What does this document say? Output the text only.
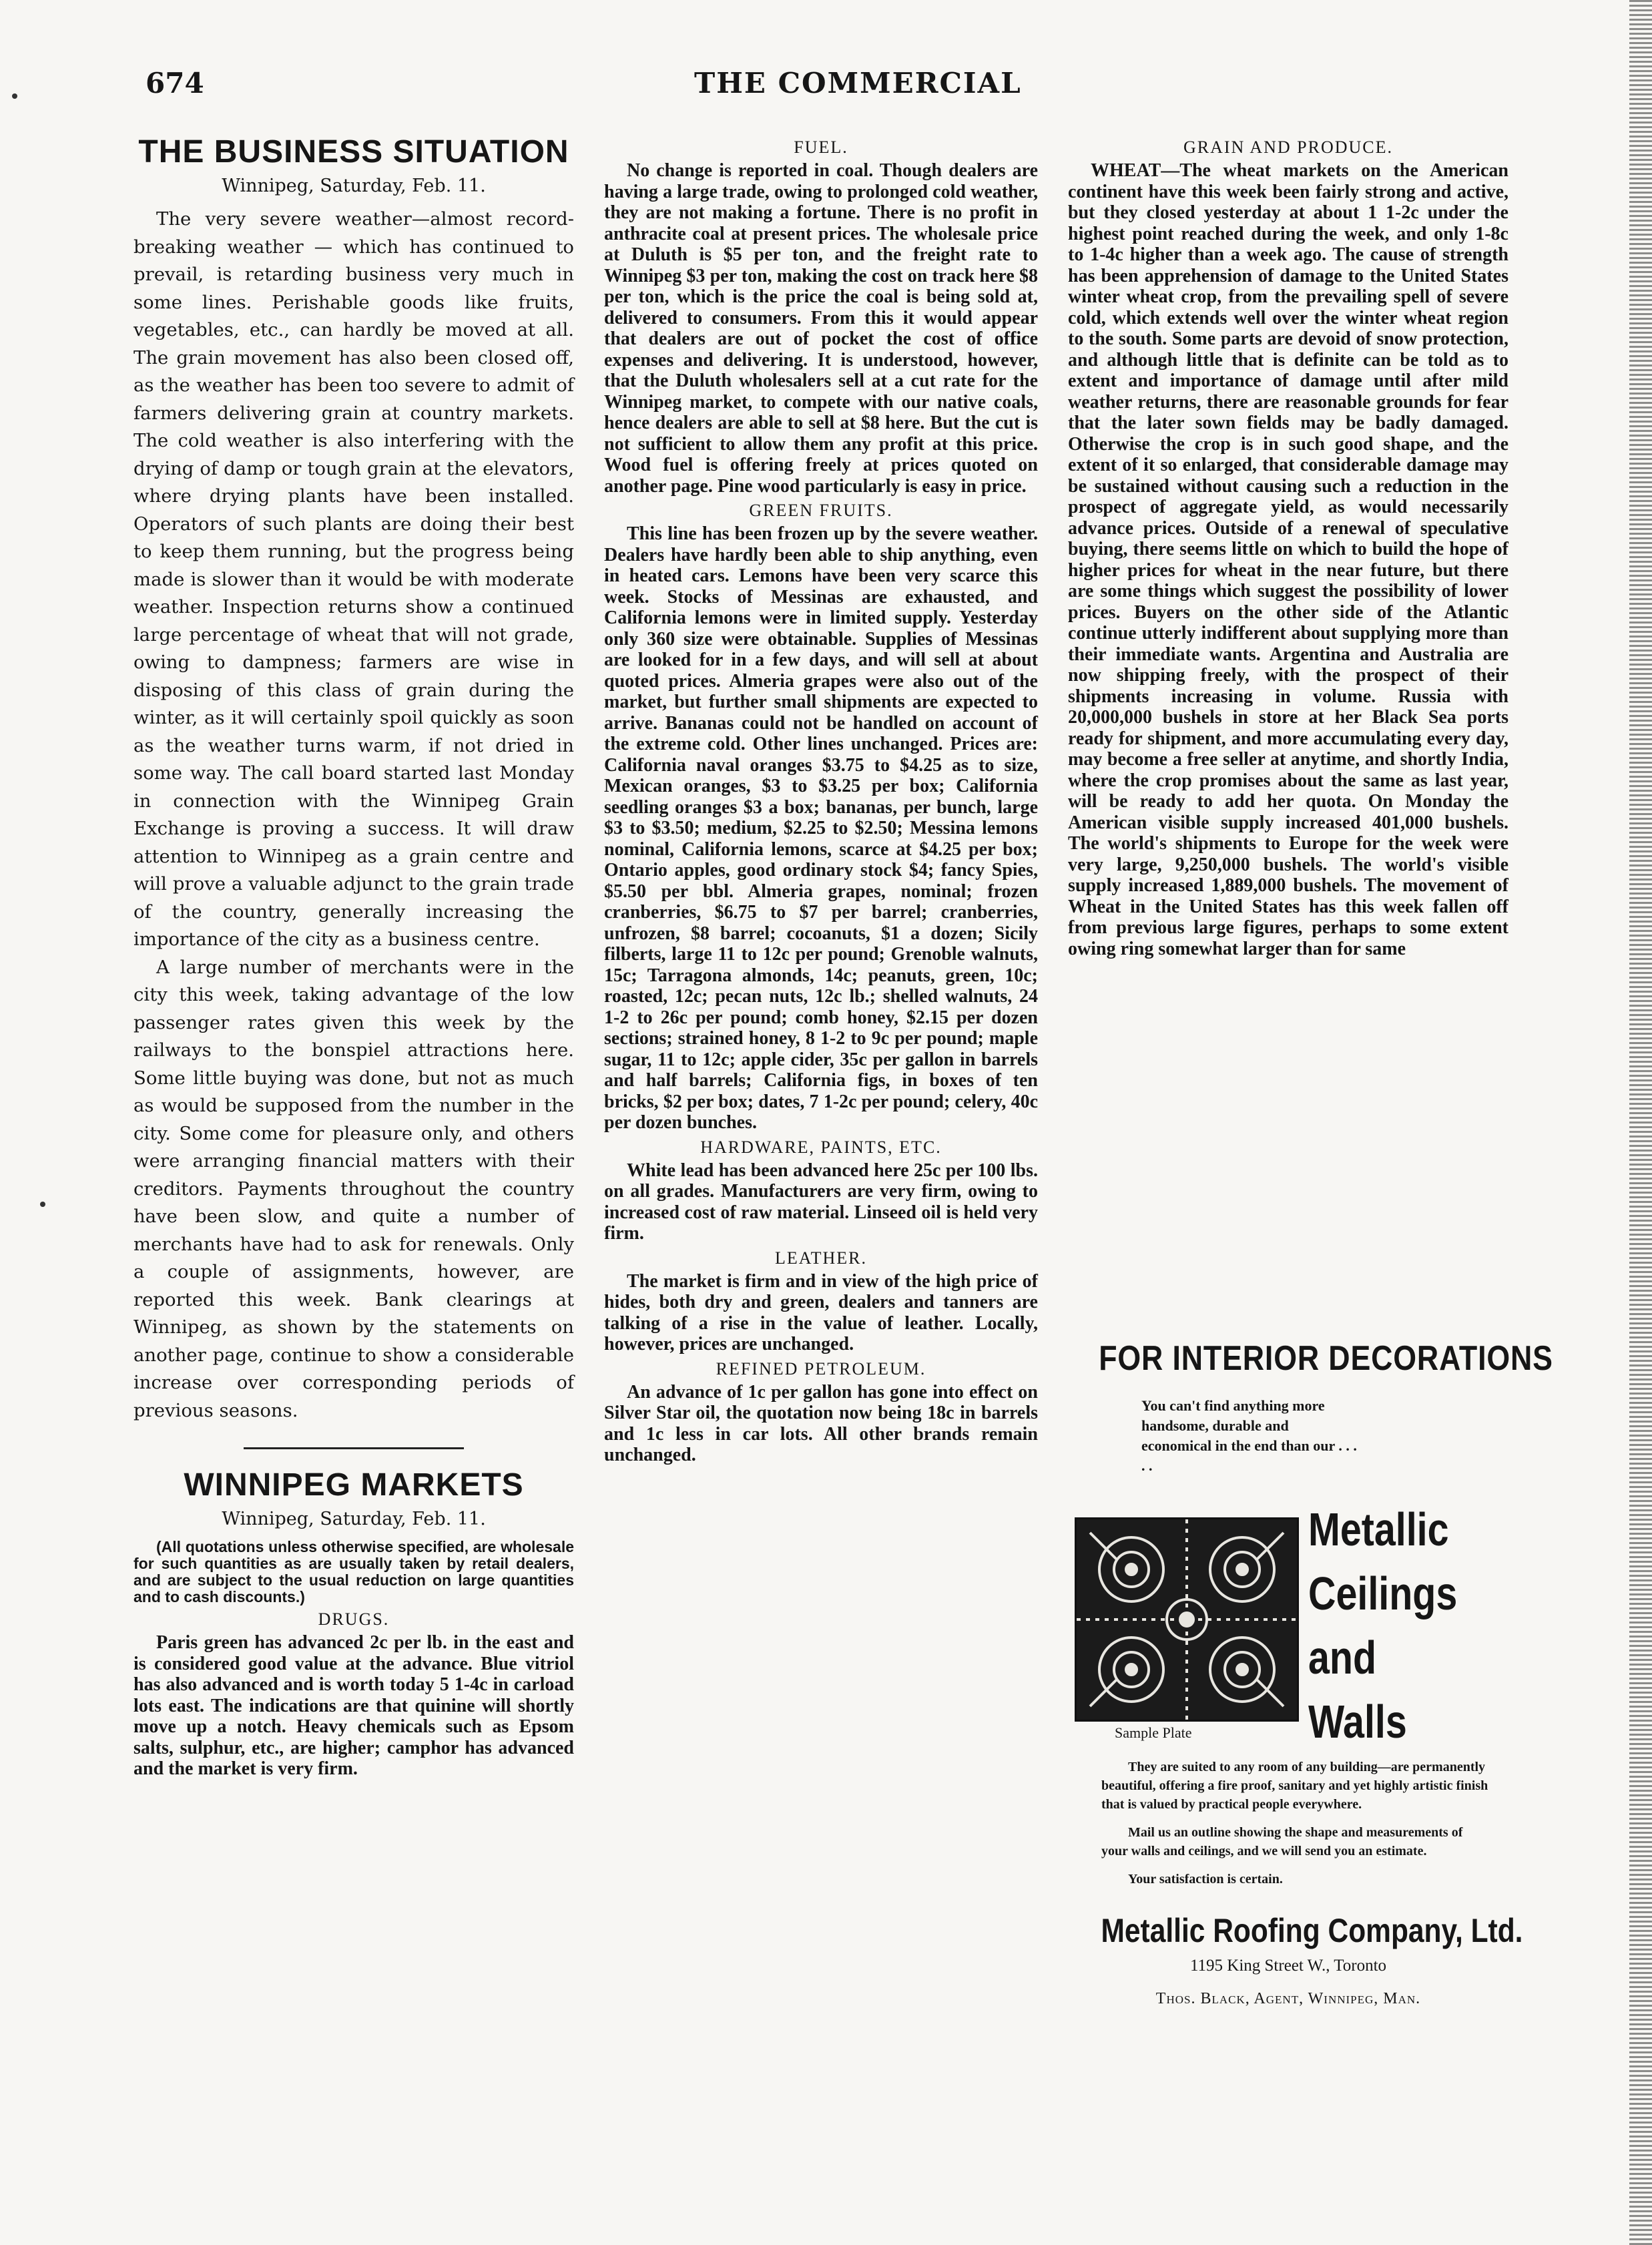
674	THE COMMERCIAL
THE BUSINESS SITUATION
Winnipeg, Saturday, Feb. 11.

The very severe weather—almost record-breaking weather — which has continued to prevail, is retarding business very much in some lines. Perishable goods like fruits, vegetables, etc., can hardly be moved at all. The grain movement has also been closed off, as the weather has been too severe to admit of farmers delivering grain at country markets. The cold weather is also interfering with the drying of damp or tough grain at the elevators, where drying plants have been installed. Operators of such plants are doing their best to keep them running, but the progress being made is slower than it would be with moderate weather. Inspection returns show a continued large percentage of wheat that will not grade, owing to dampness; farmers are wise in disposing of this class of grain during the winter, as it will certainly spoil quickly as soon as the weather turns warm, if not dried in some way. The call board started last Monday in connection with the Winnipeg Grain Exchange is proving a success. It will draw attention to Winnipeg as a grain centre and will prove a valuable adjunct to the grain trade of the country, generally increasing the importance of the city as a business centre.

A large number of merchants were in the city this week, taking advantage of the low passenger rates given this week by the railways to the bonspiel attractions here. Some little buying was done, but not as much as would be supposed from the number in the city. Some come for pleasure only, and others were arranging financial matters with their creditors. Payments throughout the country have been slow, and quite a number of merchants have had to ask for renewals. Only a couple of assignments, however, are reported this week. Bank clearings at Winnipeg, as shown by the statements on another page, continue to show a considerable increase over corresponding periods of previous seasons.

WINNIPEG MARKETS
Winnipeg, Saturday, Feb. 11.

(All quotations unless otherwise specified, are wholesale for such quantities as are usually taken by retail dealers, and are subject to the usual reduction on large quantities and to cash discounts.)

DRUGS.

Paris green has advanced 2c per lb. in the east and is considered good value at the advance. Blue vitriol has also advanced and is worth today 5 1-4c in carload lots east. The indications are that quinine will shortly move up a notch. Heavy chemicals such as Epsom salts, sulphur, etc., are higher; camphor has advanced and the market is very firm.

FUEL.

No change is reported in coal. Though dealers are having a large trade, owing to prolonged cold weather, they are not making a fortune. There is no profit in anthracite coal at present prices. The wholesale price at Duluth is $5 per ton, and the freight rate to Winnipeg $3 per ton, making the cost on track here $8 per ton, which is the price the coal is being sold at, delivered to consumers. From this it would appear that dealers are out of pocket the cost of office expenses and delivering. It is understood, however, that the Duluth wholesalers sell at a cut rate for the Winnipeg market, to compete with our native coals, hence dealers are able to sell at $8 here. But the cut is not sufficient to allow them any profit at this price. Wood fuel is offering freely at prices quoted on another page. Pine wood particularly is easy in price.

GREEN FRUITS.

This line has been frozen up by the severe weather. Dealers have hardly been able to ship anything, even in heated cars. Lemons have been very scarce this week. Stocks of Messinas are exhausted, and California lemons were in limited supply. Yesterday only 360 size were obtainable. Supplies of Messinas are looked for in a few days, and will sell at about quoted prices. Almeria grapes were also out of the market, but further small shipments are expected to arrive. Bananas could not be handled on account of the extreme cold. Other lines unchanged. Prices are: California naval oranges $3.75 to $4.25 as to size, Mexican oranges, $3 to $3.25 per box; California seedling oranges $3 a box; bananas, per bunch, large $3 to $3.50; medium, $2.25 to $2.50; Messina lemons nominal, California lemons, scarce at $4.25 per box; Ontario apples, good ordinary stock $4; fancy Spies, $5.50 per bbl. Almeria grapes, nominal; frozen cranberries, $6.75 to $7 per barrel; cranberries, unfrozen, $8 barrel; cocoanuts, $1 a dozen; Sicily filberts, large 11 to 12c per pound; Grenoble walnuts, 15c; Tarragona almonds, 14c; peanuts, green, 10c; roasted, 12c; pecan nuts, 12c lb.; shelled walnuts, 24 1-2 to 26c per pound; comb honey, $2.15 per dozen sections; strained honey, 8 1-2 to 9c per pound; maple sugar, 11 to 12c; apple cider, 35c per gallon in barrels and half barrels; California figs, in boxes of ten bricks, $2 per box; dates, 7 1-2c per pound; celery, 40c per dozen bunches.

HARDWARE, PAINTS, ETC.

White lead has been advanced here 25c per 100 lbs. on all grades. Manufacturers are very firm, owing to increased cost of raw material. Linseed oil is held very firm.

LEATHER.

The market is firm and in view of the high price of hides, both dry and green, dealers and tanners are talking of a rise in the value of leather. Locally, however, prices are unchanged.

REFINED PETROLEUM.

An advance of 1c per gallon has gone into effect on Silver Star oil, the quotation now being 18c in barrels and 1c less in car lots. All other brands remain unchanged.

GRAIN AND PRODUCE.

WHEAT—The wheat markets on the American continent have this week been fairly strong and active, but they closed yesterday at about 1 1-2c under the highest point reached during the week, and only 1-8c to 1-4c higher than a week ago. The cause of strength has been apprehension of damage to the United States winter wheat crop, from the prevailing spell of severe cold, which extends well over the winter wheat region to the south. Some parts are devoid of snow protection, and although little that is definite can be told as to extent and importance of damage until after mild weather returns, there are reasonable grounds for fear that the later sown fields may be badly damaged. Otherwise the crop is in such good shape, and the extent of it so enlarged, that considerable damage may be sustained without causing such a reduction in the prospect of aggregate yield, as would necessarily advance prices. Outside of a renewal of speculative buying, there seems little on which to build the hope of higher prices for wheat in the near future, but there are some things which suggest the possibility of lower prices. Buyers on the other side of the Atlantic continue utterly indifferent about supplying more than their immediate wants. Argentina and Australia are now shipping freely, with the prospect of their shipments increasing in volume. Russia with 20,000,000 bushels in store at her Black Sea ports ready for shipment, and more accumulating every day, may become a free seller at anytime, and shortly India, where the crop promises about the same as last year, will be ready to add her quota. On Monday the American visible supply increased 401,000 bushels. The world's shipments to Europe for the week were very large, 9,250,000 bushels. The world's visible supply increased 1,889,000 bushels. The movement of Wheat in the United States has this week fallen off from previous large figures, perhaps to some extent owing ring somewhat larger than for same

FOR INTERIOR DECORATIONS
You can't find anything more handsome, durable and economical in the end than our . . . . .
Sample Plate
Metallic
Ceilings
and Walls

They are suited to any room of any building—are permanently beautiful, offering a fire proof, sanitary and yet highly artistic finish that is valued by practical people everywhere.

Mail us an outline showing the shape and measurements of your walls and ceilings, and we will send you an estimate.

Your satisfaction is certain.

Metallic Roofing Company, Ltd.
1195 King Street W., Toronto
Thos. Black, Agent, Winnipeg, Man.
